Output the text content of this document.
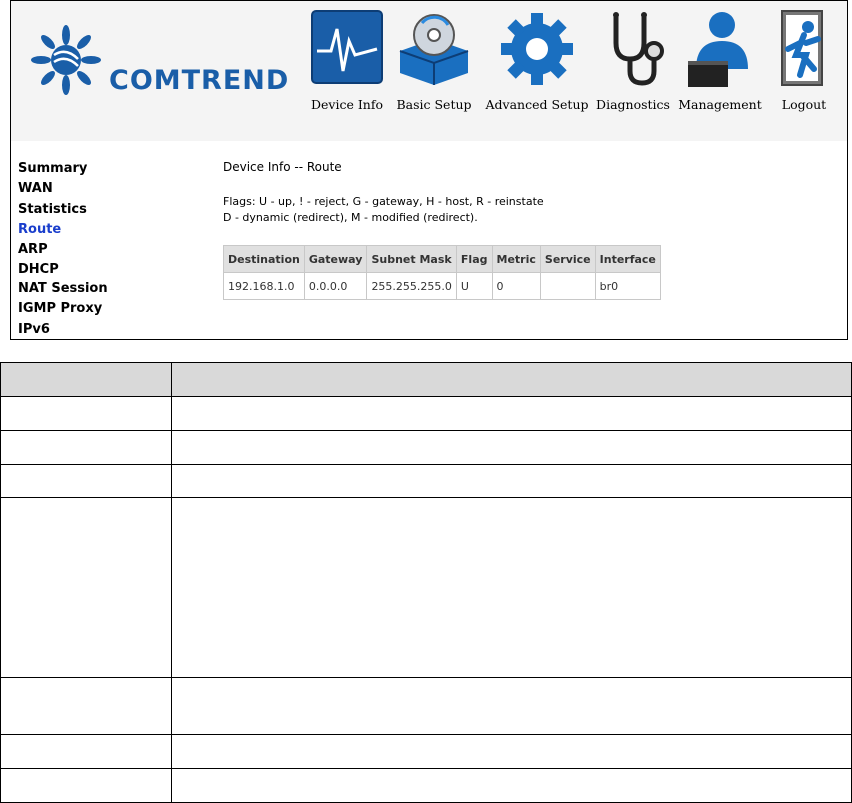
COMTREND
Device Info Basic Setup Advanced Setup Diagnostics Management Logout
Summary
WAN
Statistics
Route
ARP
DHCP
NAT Session
IGMP Proxy
IPv6
Device Info -- Route
Flags: U - up, ! - reject, G - gateway, H - host, R - reinstate
D - dynamic (redirect), M - modified (redirect).
Destination	Gateway	Subnet Mask	Flag	Metric	Service	Interface
192.168.1.0	0.0.0.0	255.255.255.0	U	0		br0
